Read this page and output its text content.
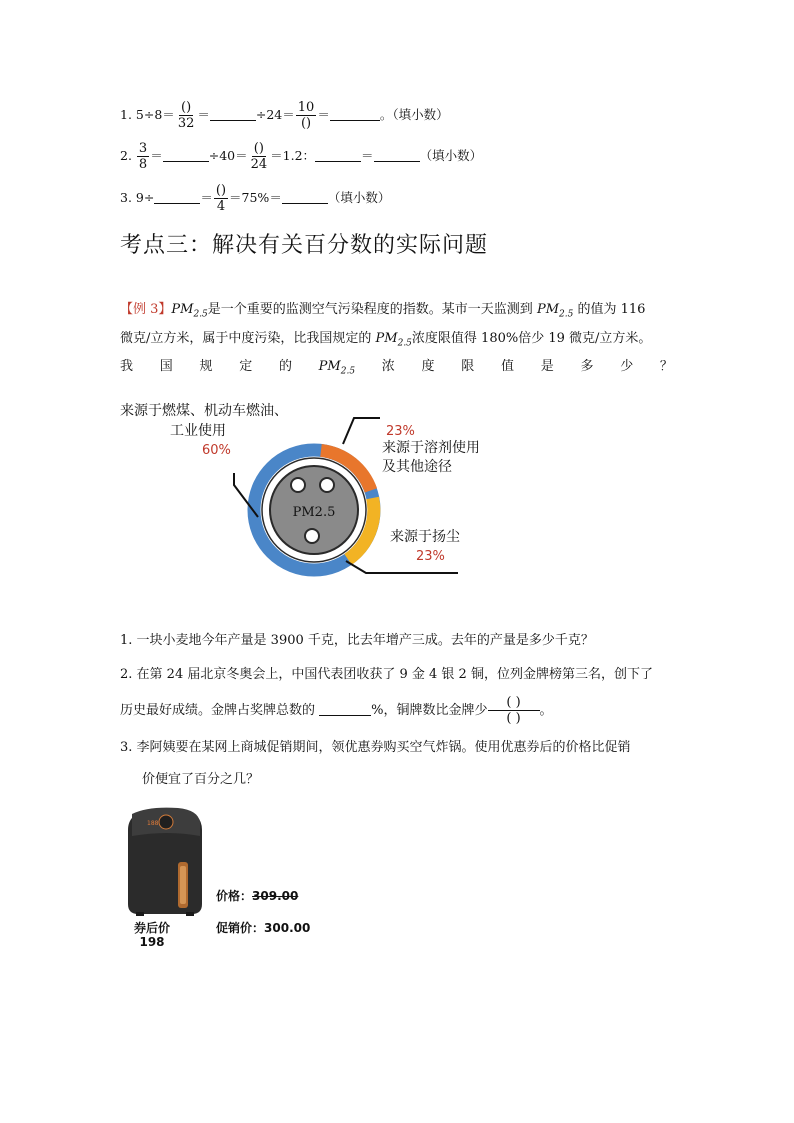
1. $5\div 8= \frac{()}{32}$ ＝	$\div 24= \frac{10}{()}$ ＝	。（填小数）
2. $\frac{3}{8}$ ＝	$\div 40= \frac{()}{24} =1.2$：	＝	（填小数）
3. 9÷	＝ $\frac{()}{4} =75\%=$	（填小数）
考点三：解决有关百分数的实际问题
【例 3】$PM_{2.5}$是一个重要的监测空气污染程度的指数。某市一天监测到 $PM_{2.5}$ 的值为 116
微克/立方米，属于中度污染，比我国规定的 $PM_{2.5}$浓度限值得 180%倍少 19 微克/立方米。
我 国 规 定 的 $PM_{2.5}$ 浓 度 限 值 是 多 少 ？
PM2.5
来源于燃煤、机动车燃油、
工业使用
60%
23%
来源于溶剂使用
及其他途径
来源于扬尘
23%
1. 一块小麦地今年产量是 3900 千克，比去年增产三成。去年的产量是多少千克？
2. 在第 24 届北京冬奥会上，中国代表团收获了 9 金 4 银 2 铜，位列金牌榜第三名，创下了
历史最好成绩。金牌占奖牌总数的	%，铜牌数比金牌少
( )
( )
。
3. 李阿姨要在某网上商城促销期间，领优惠券购买空气炸锅。使用优惠券后的价格比促销
价便宜了百分之几？
188
价格：309.00
促销价：300.00
券后价
198
